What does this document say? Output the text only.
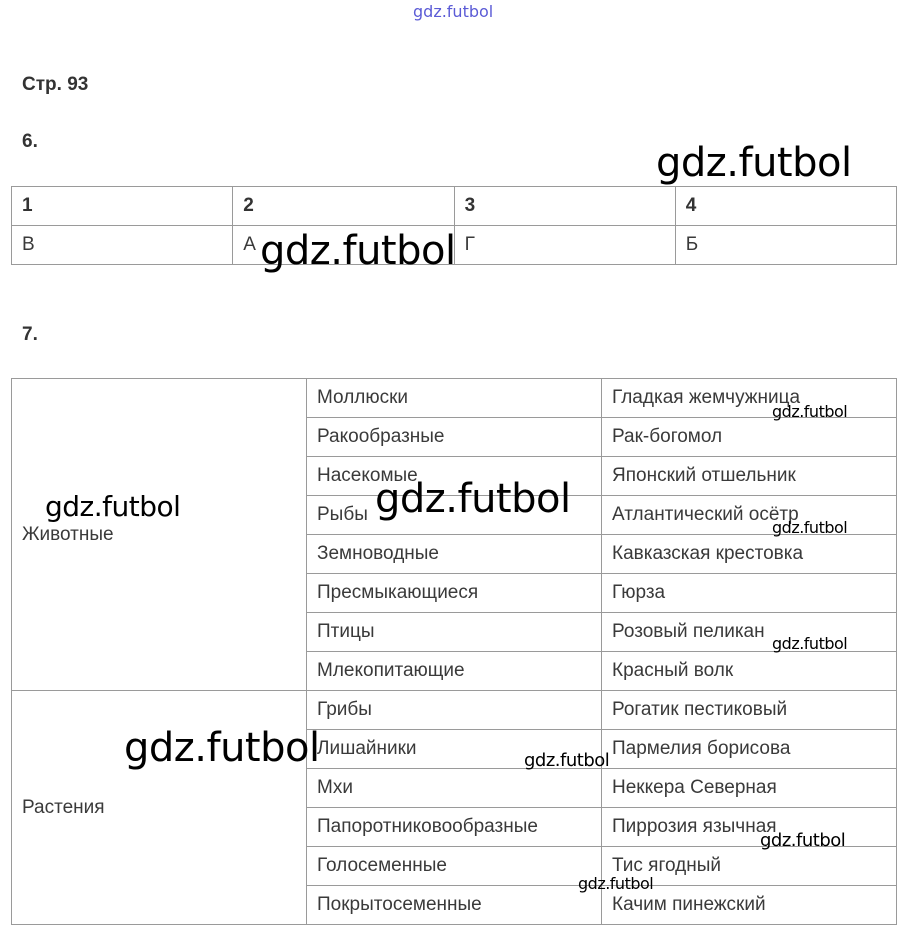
gdz.futbol
Стр. 93
6.
1	2	3	4
В	А	Г	Б
7.
Животные	Моллюски	Гладкая жемчужница
	Ракообразные	Рак-богомол
	Насекомые	Японский отшельник
	Рыбы	Атлантический осётр
	Земноводные	Кавказская крестовка
	Пресмыкающиеся	Гюрза
	Птицы	Розовый пеликан
	Млекопитающие	Красный волк
Растения	Грибы	Рогатик пестиковый
	Лишайники	Пармелия борисова
	Мхи	Неккера Северная
	Папоротниковообразные	Пиррозия язычная
	Голосеменные	Тис ягодный
	Покрытосеменные	Качим пинежский
gdz.futbol
gdz.futbol
gdz.futbol	gdz.futbol
gdz.futbol
gdz.futbol
gdz.futbol
gdz.futbol	gdz.futbol
gdz.futbol
gdz.futbol
